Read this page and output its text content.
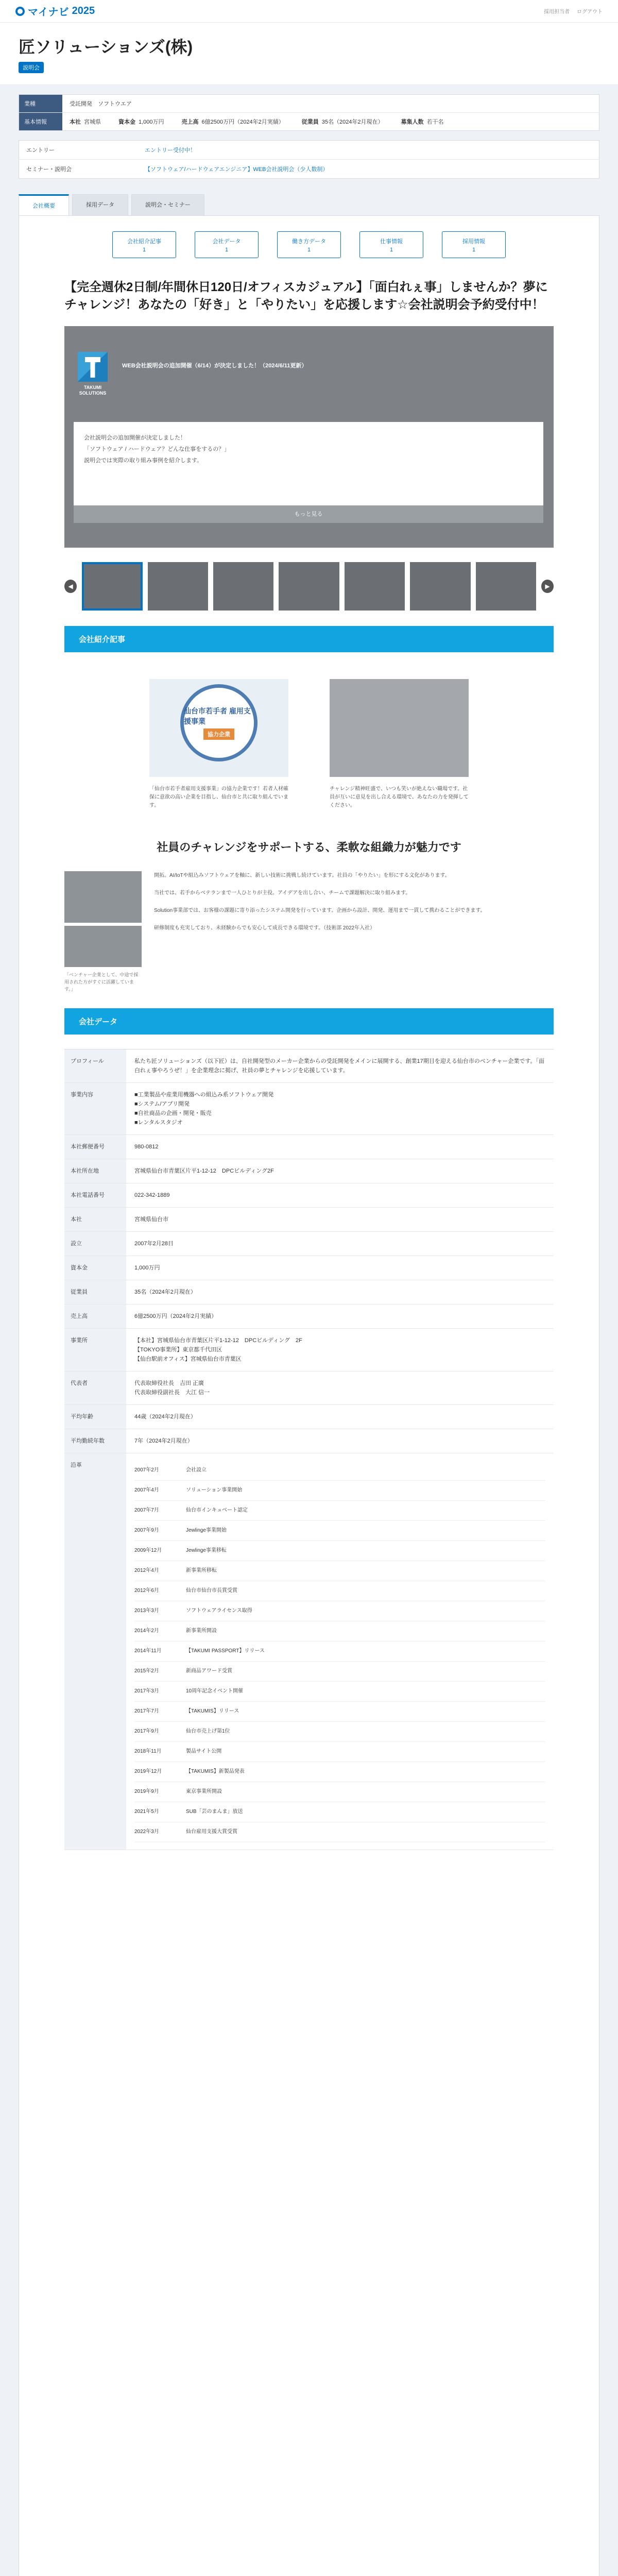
マイナビ 2025	採用担当者 ログアウト
匠ソリューションズ(株)
説明会
業種	受託開発　ソフトウエア
基本情報	本社 宮城県	資本金 1,000万円	売上高 6億2500万円（2024年2月実績）	従業員 35名（2024年2月現在）	募集人数 若干名
エントリー	エントリー受付中！
セミナー・説明会	【ソフトウェア/ハードウェアエンジニア】WEB会社説明会（少人数制）
会社概要	採用データ	説明会・セミナー
会社紹介記事
1
会社データ
1
働き方データ
1
仕事情報
1
採用情報
1
【完全週休2日制/年間休日120日/オフィスカジュアル】「面白れぇ事」しませんか？夢にチャレンジ！あなたの「好き」と「やりたい」を応援します☆会社説明会予約受付中！
TAKUMI SOLUTIONS
WEB会社説明会の追加開催（6/14）が決定しました！（2024/6/11更新）
会社説明会の追加開催が決定しました！
「ソフトウェア / ハードウェア？どんな仕事をするの？」
説明会では実際の取り組み事例を紹介します。
もっと見る
◀	▶
会社紹介記事
仙台市若手者 雇用支援事業
協力企業

「仙台市若手者雇用支援事業」の協力企業です！若者人材確保に意欲の高い企業を目指し、仙台市と共に取り組んでいます。

チャレンジ精神旺盛で、いつも笑いが絶えない職場です。社員が互いに意見を出し合える環境で、あなたの力を発揮してください。

社員のチャレンジをサポートする、柔軟な組織力が魅力です

「ベンチャー企業として、中途で採用された方がすぐに活躍しています。」

開拓。AI/IoTや組込みソフトウェアを軸に、新しい技術に挑戦し続けています。社員の「やりたい」を形にする文化があります。

当社では、若手からベテランまで一人ひとりが主役。アイデアを出し合い、チームで課題解決に取り組みます。

Solution事業部では、お客様の課題に寄り添ったシステム開発を行っています。企画から設計、開発、運用まで一貫して携わることができます。

研修制度も充実しており、未経験からでも安心して成長できる環境です。（技術部 2022年入社）

会社データ
プロフィール	私たち匠ソリューションズ（以下匠）は、自社開発型のメーカー企業からの受託開発をメインに展開する、創業17期目を迎える仙台市のベンチャー企業です。「面白れぇ事やろうぜ！」を企業理念に掲げ、社員の夢とチャレンジを応援しています。
事業内容	■工業製品や産業用機器への組込み系ソフトウェア開発
■システム/アプリ開発
■自社商品の企画・開発・販売
■レンタルスタジオ
本社郵便番号	980-0812
本社所在地	宮城県仙台市青葉区片平1-12-12　DPCビルディング2F
本社電話番号	022-342-1889
本社	宮城県仙台市
設立	2007年2月28日
資本金	1,000万円
従業員	35名（2024年2月現在）
売上高	6億2500万円（2024年2月実績）
事業所	【本社】宮城県仙台市青葉区片平1-12-12　DPCビルディング　2F
【TOKYO事業所】東京都千代田区
【仙台駅前オフィス】宮城県仙台市青葉区
代表者	代表取締役社長　吉田 正廣
代表取締役副社長　大江 信一
平均年齢	44歳（2024年2月現在）
平均勤続年数	7年（2024年2月現在）
沿革
2007年2月	会社設立
2007年4月	ソリューション事業開始
2007年7月	仙台市インキュベート認定
2007年9月	Jewlinge事業開始
2009年12月	Jewlinge事業移転
2012年4月	新事業所移転
2012年6月	仙台市仙台市長賞受賞
2013年3月	ソフトウェアライセンス取得
2014年2月	新事業所開設
2014年11月	【TAKUMI PASSPORT】リリース
2015年2月	新商品アワード受賞
2017年3月	10周年記念イベント開催
2017年7月	【TAKUMIS】リリース
2017年9月	仙台市売上げ第1位
2018年11月	製品サイト公開
2019年12月	【TAKUMIS】新製品発表
2019年9月	東京事業所開設
2021年5月	SUB「芸のまんま」放送
2022年3月	仙台雇用支援大賞受賞
